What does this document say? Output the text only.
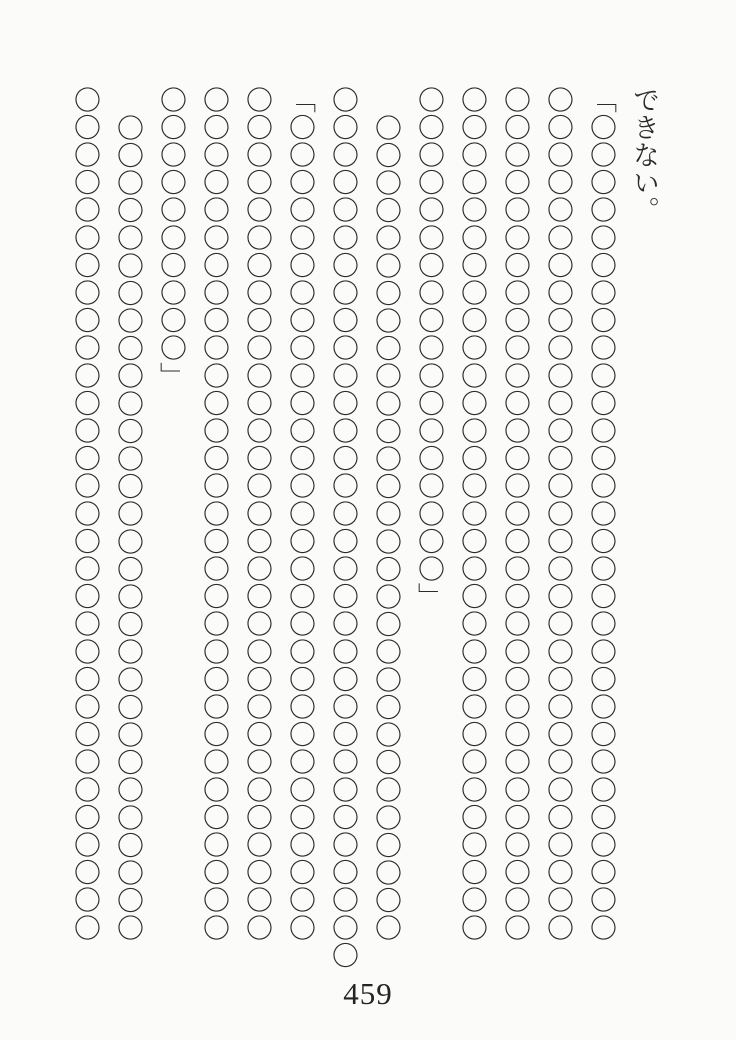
できない。
「〇〇〇〇〇〇〇〇〇〇〇〇〇〇〇〇〇〇〇〇〇〇〇〇〇〇〇〇〇〇
〇〇〇〇〇〇〇〇〇〇〇〇〇〇〇〇〇〇〇〇〇〇〇〇〇〇〇〇〇〇〇
〇〇〇〇〇〇〇〇〇〇〇〇〇〇〇〇〇〇〇〇〇〇〇〇〇〇〇〇〇〇〇
〇〇〇〇〇〇〇〇〇〇〇〇〇〇〇〇〇〇〇〇〇〇〇〇〇〇〇〇〇〇〇
〇〇〇〇〇〇〇〇〇〇〇〇〇〇〇〇〇〇」
〇〇〇〇〇〇〇〇〇〇〇〇〇〇〇〇〇〇〇〇〇〇〇〇〇〇〇〇〇〇
〇〇〇〇〇〇〇〇〇〇〇〇〇〇〇〇〇〇〇〇〇〇〇〇〇〇〇〇〇〇〇〇
「〇〇〇〇〇〇〇〇〇〇〇〇〇〇〇〇〇〇〇〇〇〇〇〇〇〇〇〇〇〇
〇〇〇〇〇〇〇〇〇〇〇〇〇〇〇〇〇〇〇〇〇〇〇〇〇〇〇〇〇〇〇
〇〇〇〇〇〇〇〇〇〇〇〇〇〇〇〇〇〇〇〇〇〇〇〇〇〇〇〇〇〇〇
〇〇〇〇〇〇〇〇〇〇」
〇〇〇〇〇〇〇〇〇〇〇〇〇〇〇〇〇〇〇〇〇〇〇〇〇〇〇〇〇〇
〇〇〇〇〇〇〇〇〇〇〇〇〇〇〇〇〇〇〇〇〇〇〇〇〇〇〇〇〇〇〇
459
